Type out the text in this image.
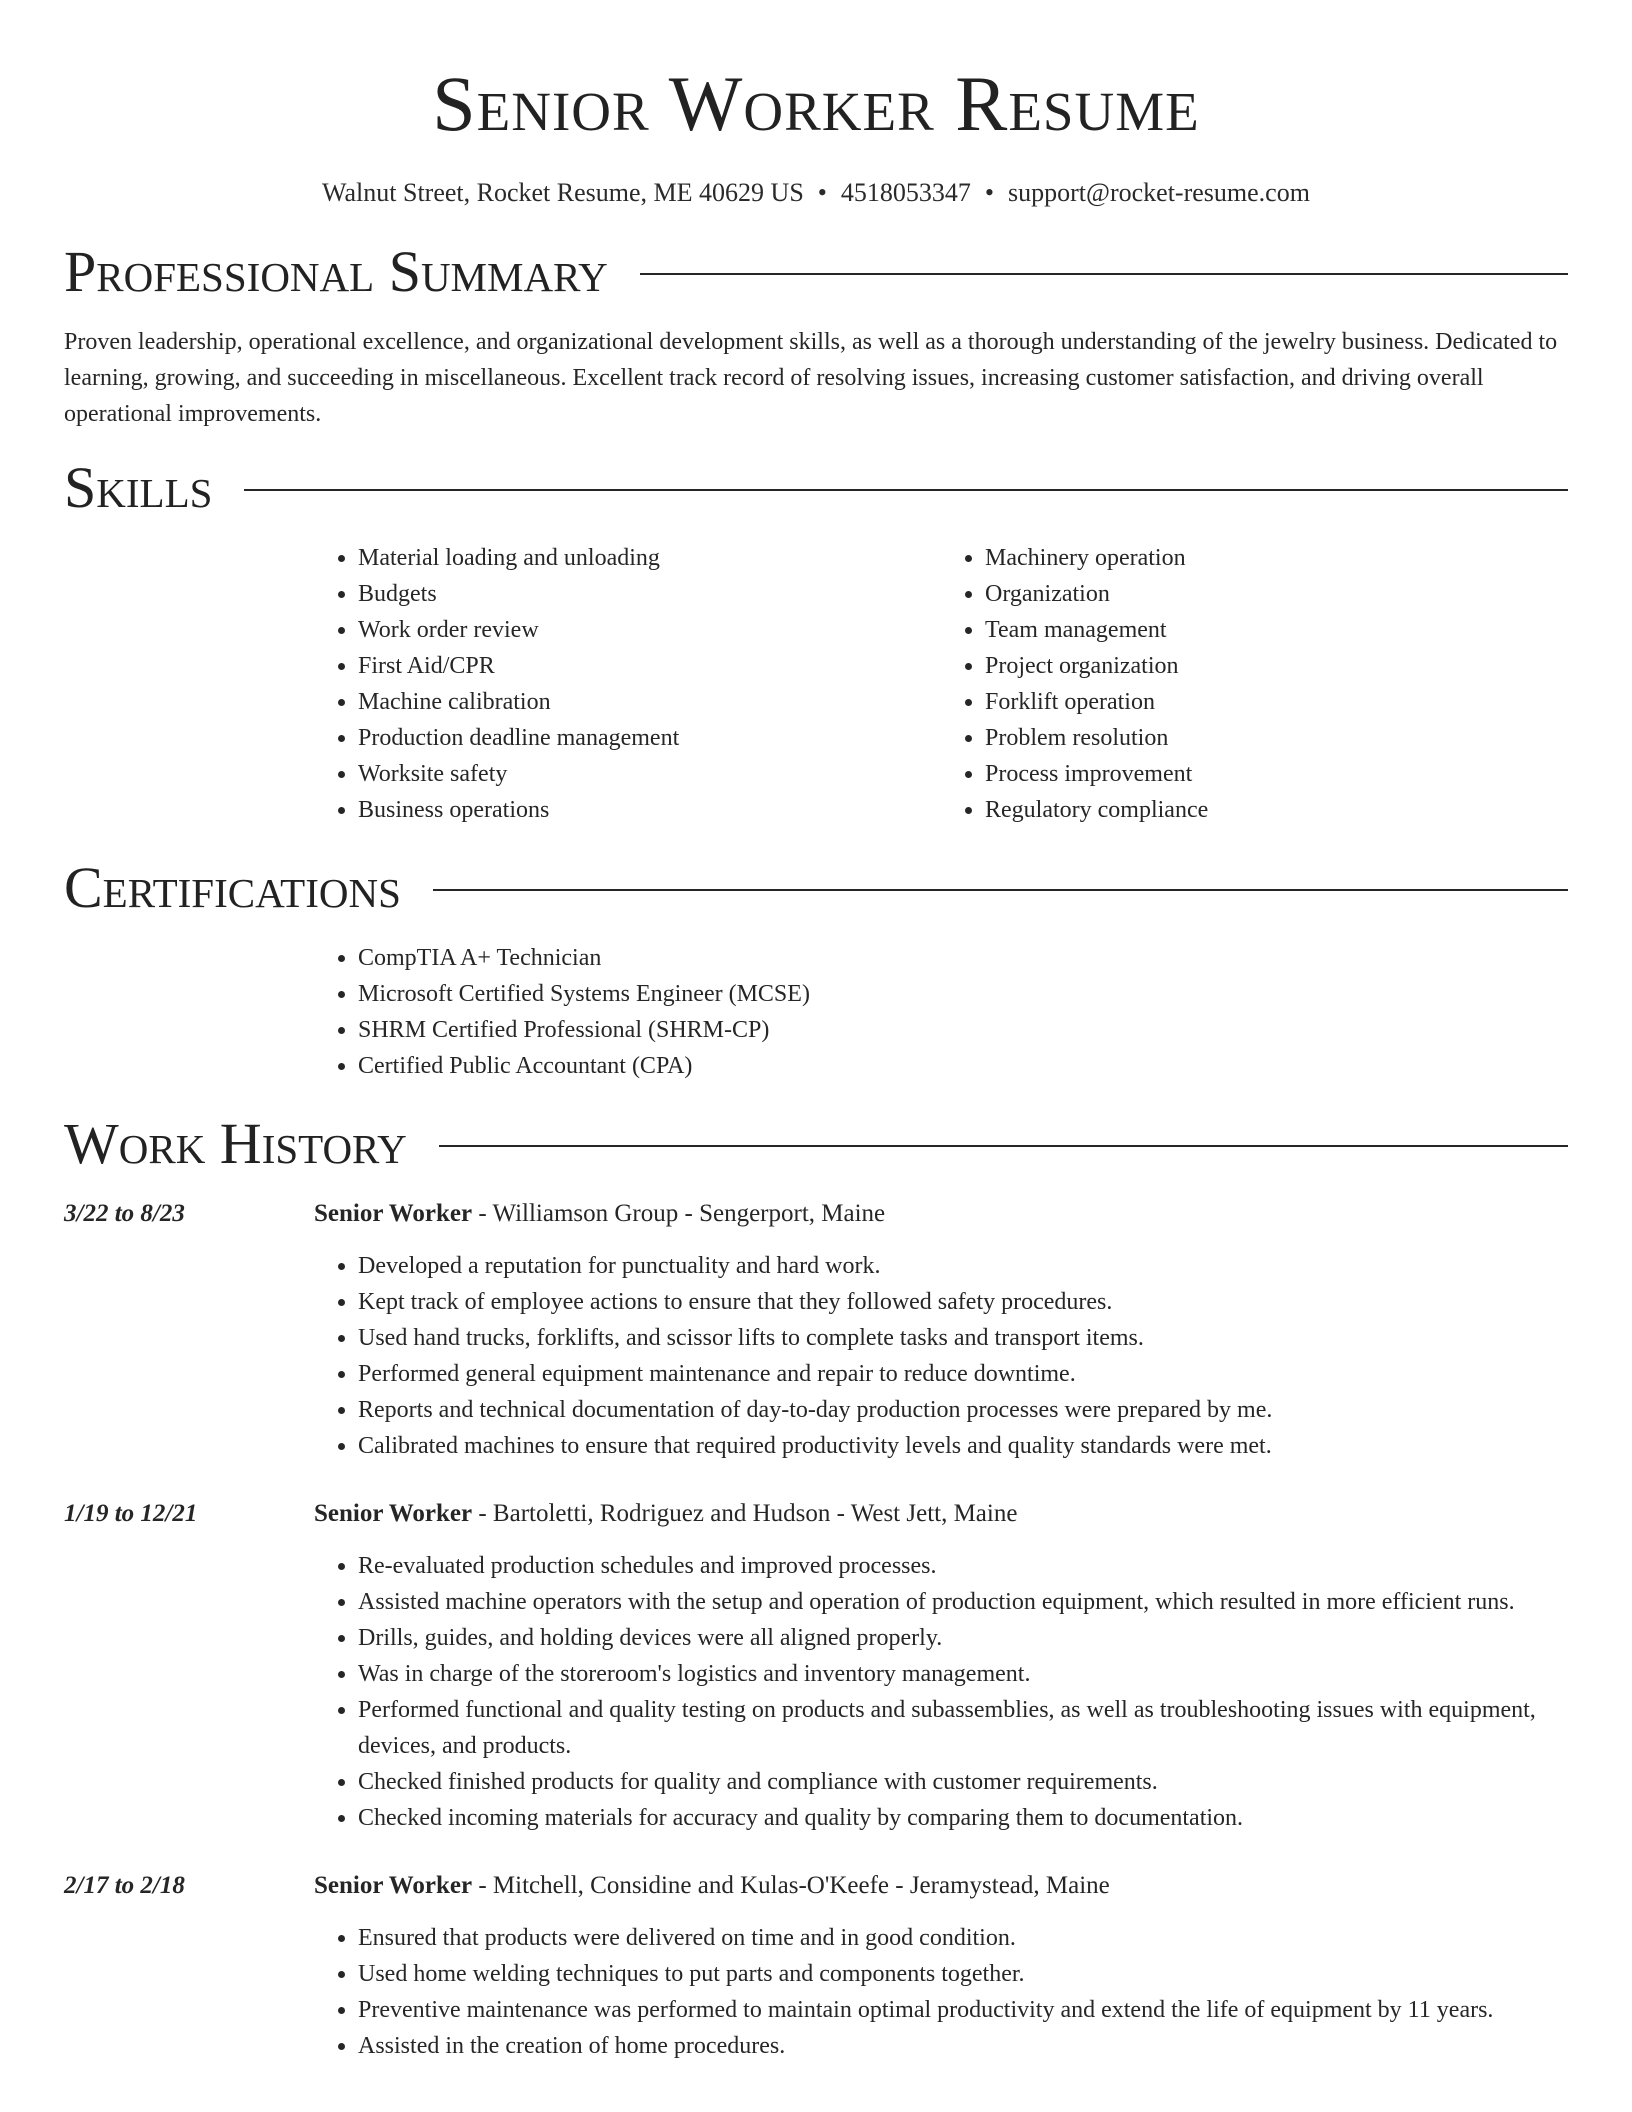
Senior Worker Resume
Walnut Street, Rocket Resume, ME 40629 US • 4518053347 • support@rocket-resume.com
Professional Summary

Proven leadership, operational excellence, and organizational development skills, as well as a thorough understanding of the jewelry business. Dedicated to learning, growing, and succeeding in miscellaneous. Excellent track record of resolving issues, increasing customer satisfaction, and driving overall operational improvements.

Skills
• Material loading and unloading
• Budgets
• Work order review
• First Aid/CPR
• Machine calibration
• Production deadline management
• Worksite safety
• Business operations
• Machinery operation
• Organization
• Team management
• Project organization
• Forklift operation
• Problem resolution
• Process improvement
• Regulatory compliance
Certifications
• CompTIA A+ Technician
• Microsoft Certified Systems Engineer (MCSE)
• SHRM Certified Professional (SHRM-CP)
• Certified Public Accountant (CPA)
Work History
3/22 to 8/23	Senior Worker - Williamson Group - Sengerport, Maine
• Developed a reputation for punctuality and hard work.
• Kept track of employee actions to ensure that they followed safety procedures.
• Used hand trucks, forklifts, and scissor lifts to complete tasks and transport items.
• Performed general equipment maintenance and repair to reduce downtime.
• Reports and technical documentation of day-to-day production processes were prepared by me.
• Calibrated machines to ensure that required productivity levels and quality standards were met.
1/19 to 12/21	Senior Worker - Bartoletti, Rodriguez and Hudson - West Jett, Maine
• Re-evaluated production schedules and improved processes.
• Assisted machine operators with the setup and operation of production equipment, which resulted in more efficient runs.
• Drills, guides, and holding devices were all aligned properly.
• Was in charge of the storeroom's logistics and inventory management.
• Performed functional and quality testing on products and subassemblies, as well as troubleshooting issues with equipment, devices, and products.
• Checked finished products for quality and compliance with customer requirements.
• Checked incoming materials for accuracy and quality by comparing them to documentation.
2/17 to 2/18	Senior Worker - Mitchell, Considine and Kulas-O'Keefe - Jeramystead, Maine
• Ensured that products were delivered on time and in good condition.
• Used home welding techniques to put parts and components together.
• Preventive maintenance was performed to maintain optimal productivity and extend the life of equipment by 11 years.
• Assisted in the creation of home procedures.
